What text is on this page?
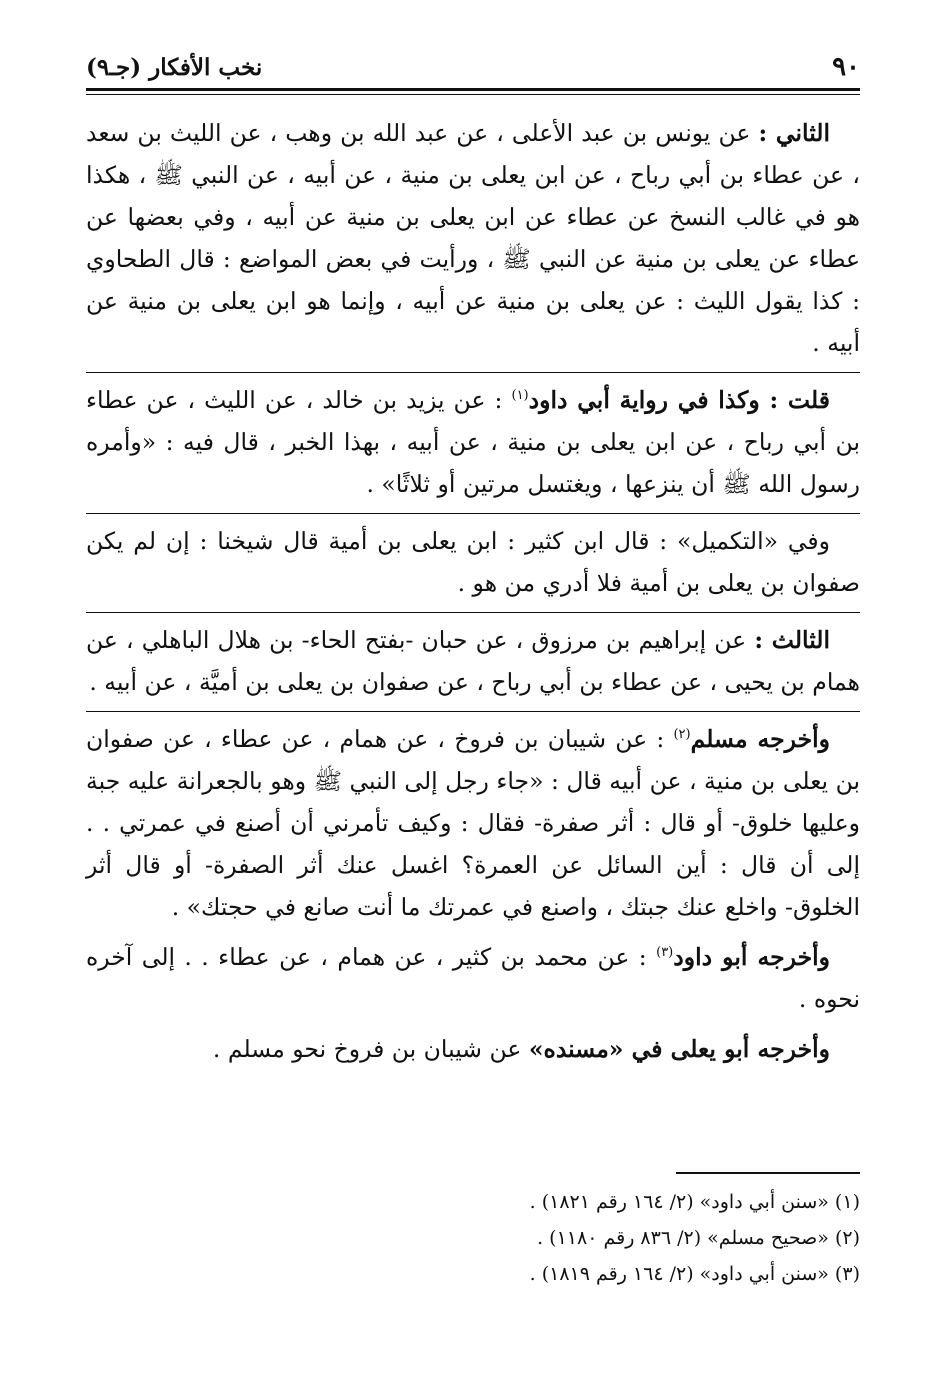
٩٠
نخب الأفكار (جـ٩)

الثاني : عن يونس بن عبد الأعلى ، عن عبد الله بن وهب ، عن الليث بن سعد ، عن عطاء بن أبي رباح ، عن ابن يعلى بن منية ، عن أبيه ، عن النبي ﷺ ، هكذا هو في غالب النسخ عن عطاء عن ابن يعلى بن منية عن أبيه ، وفي بعضها عن عطاء عن يعلى بن منية عن النبي ﷺ ، ورأيت في بعض المواضع : قال الطحاوي : كذا يقول الليث : عن يعلى بن منية عن أبيه ، وإنما هو ابن يعلى بن منية عن أبيه .

قلت : وكذا في رواية أبي داود$^{(١)}$ : عن يزيد بن خالد ، عن الليث ، عن عطاء بن أبي رباح ، عن ابن يعلى بن منية ، عن أبيه ، بهذا الخبر ، قال فيه : «وأمره رسول الله ﷺ أن ينزعها ، ويغتسل مرتين أو ثلاثًا» .

وفي «التكميل» : قال ابن كثير : ابن يعلى بن أمية قال شيخنا : إن لم يكن صفوان بن يعلى بن أمية فلا أدري من هو .

الثالث : عن إبراهيم بن مرزوق ، عن حبان -بفتح الحاء- بن هلال الباهلي ، عن همام بن يحيى ، عن عطاء بن أبي رباح ، عن صفوان بن يعلى بن أميَّة ، عن أبيه .

وأخرجه مسلم$^{(٢)}$ : عن شيبان بن فروخ ، عن همام ، عن عطاء ، عن صفوان بن يعلى بن منية ، عن أبيه قال : «جاء رجل إلى النبي ﷺ وهو بالجعرانة عليه جبة وعليها خلوق- أو قال : أثر صفرة- فقال : وكيف تأمرني أن أصنع في عمرتي . . إلى أن قال : أين السائل عن العمرة؟ اغسل عنك أثر الصفرة- أو قال أثر الخلوق- واخلع عنك جبتك ، واصنع في عمرتك ما أنت صانع في حجتك» .

وأخرجه أبو داود$^{(٣)}$ : عن محمد بن كثير ، عن همام ، عن عطاء . . إلى آخره نحوه .

وأخرجه أبو يعلى في «مسنده» عن شيبان بن فروخ نحو مسلم .

(١) «سنن أبي داود» (٢/ ١٦٤ رقم ١٨٢١) .

(٢) «صحيح مسلم» (٢/ ٨٣٦ رقم ١١٨٠) .

(٣) «سنن أبي داود» (٢/ ١٦٤ رقم ١٨١٩) .
